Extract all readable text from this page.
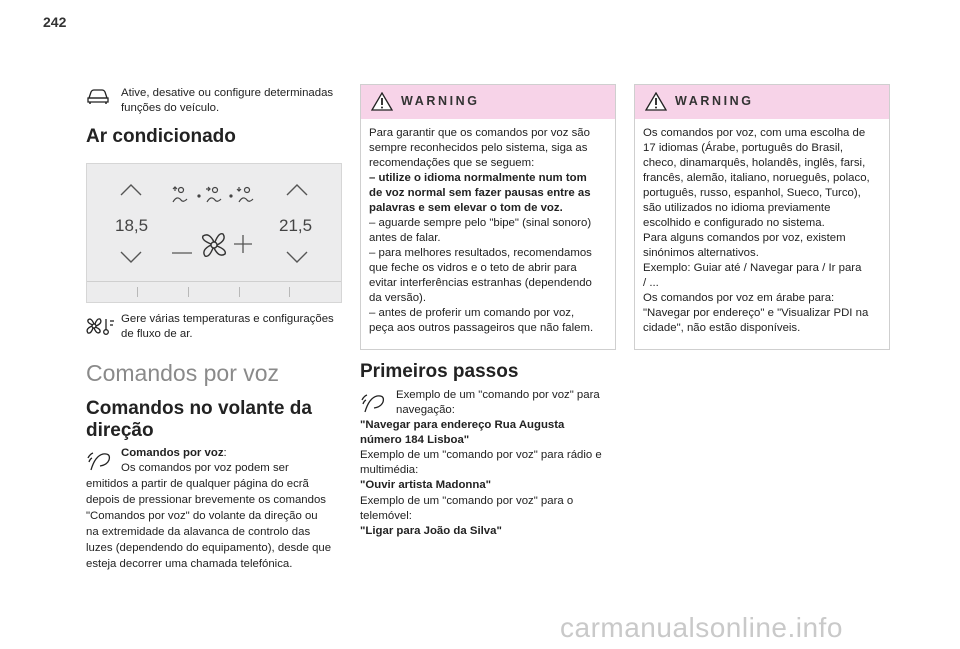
242
Ative, desative ou configure determinadas
funções do veículo.
Ar condicionado
18,5	21,5
Gere várias temperaturas e configurações
de fluxo de ar.
Comandos por voz
Comandos no volante da
direção
Comandos por voz:
Os comandos por voz podem ser
emitidos a partir de qualquer página do ecrã
depois de pressionar brevemente os comandos
"Comandos por voz" do volante da direção ou
na extremidade da alavanca de controlo das
luzes (dependendo do equipamento), desde que
esteja decorrer uma chamada telefónica.
WARNING
Para garantir que os comandos por voz são
sempre reconhecidos pelo sistema, siga as
recomendações que se seguem:
– utilize o idioma normalmente num tom
de voz normal sem fazer pausas entre as
palavras e sem elevar o tom de voz.
– aguarde sempre pelo "bipe" (sinal sonoro)
antes de falar.
– para melhores resultados, recomendamos
que feche os vidros e o teto de abrir para
evitar interferências estranhas (dependendo
da versão).
– antes de proferir um comando por voz,
peça aos outros passageiros que não falem.
Primeiros passos
Exemplo de um "comando por voz" para
navegação:
"Navegar para endereço Rua Augusta
número 184 Lisboa"
Exemplo de um "comando por voz" para rádio e
multimédia:
"Ouvir artista Madonna"
Exemplo de um "comando por voz" para o
telemóvel:
"Ligar para João da Silva"
WARNING
Os comandos por voz, com uma escolha de
17 idiomas (Árabe, português do Brasil,
checo, dinamarquês, holandês, inglês, farsi,
francês, alemão, italiano, norueguês, polaco,
português, russo, espanhol, Sueco, Turco),
são utilizados no idioma previamente
escolhido e configurado no sistema.
Para alguns comandos por voz, existem
sinónimos alternativos.
Exemplo: Guiar até / Navegar para / Ir para
/ ...
Os comandos por voz em árabe para:
"Navegar por endereço" e "Visualizar PDI na
cidade", não estão disponíveis.
carmanualsonline.info
